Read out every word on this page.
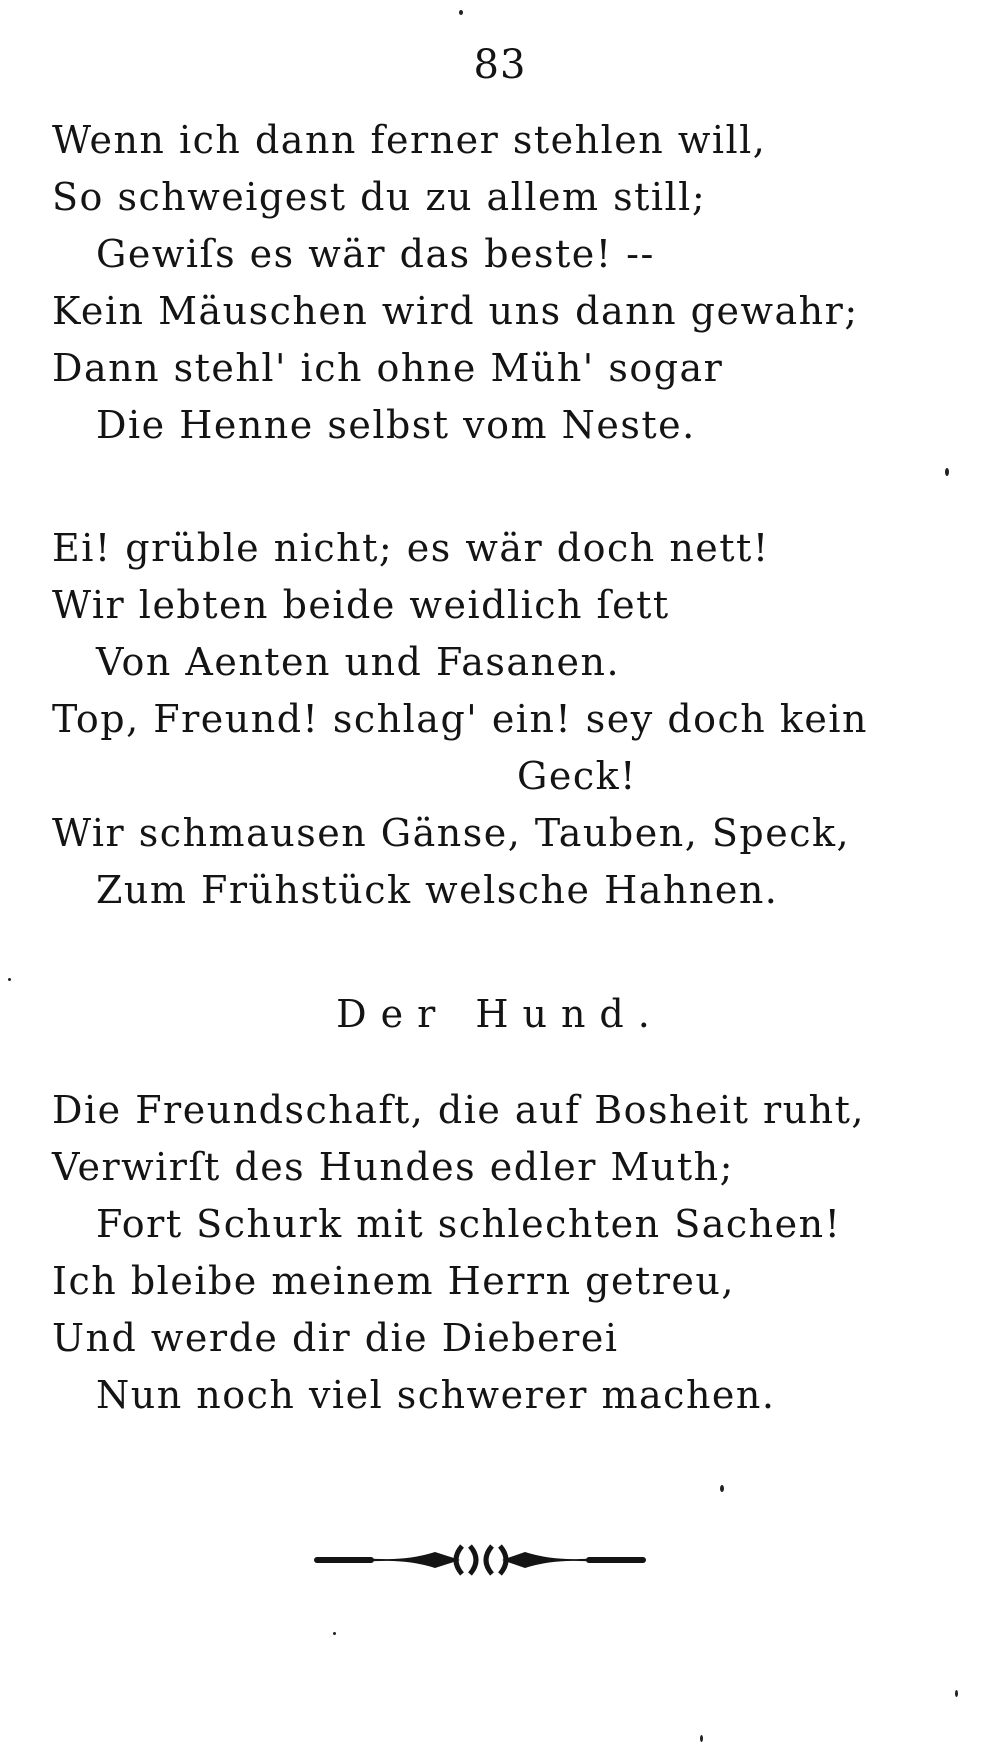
83
Wenn ich dann ferner stehlen will,
So schweigest du zu allem still;
Gewiſs es wär das beste! --
Kein Mäuschen wird uns dann gewahr;
Dann stehl' ich ohne Müh' sogar
Die Henne selbst vom Neste.
Ei! grüble nicht; es wär doch nett!
Wir lebten beide weidlich ſett
Von Aenten und Fasanen.
Top, Freund! schlag' ein! sey doch kein
Geck!
Wir schmausen Gänse, Tauben, Speck,
Zum Frühstück welsche Hahnen.
Der Hund.
Die Freundschaft, die auf Bosheit ruht,
Verwirſt des Hundes edler Muth;
Fort Schurk mit schlechten Sachen!
Ich bleibe meinem Herrn getreu,
Und werde dir die Dieberei
Nun noch viel schwerer machen.
